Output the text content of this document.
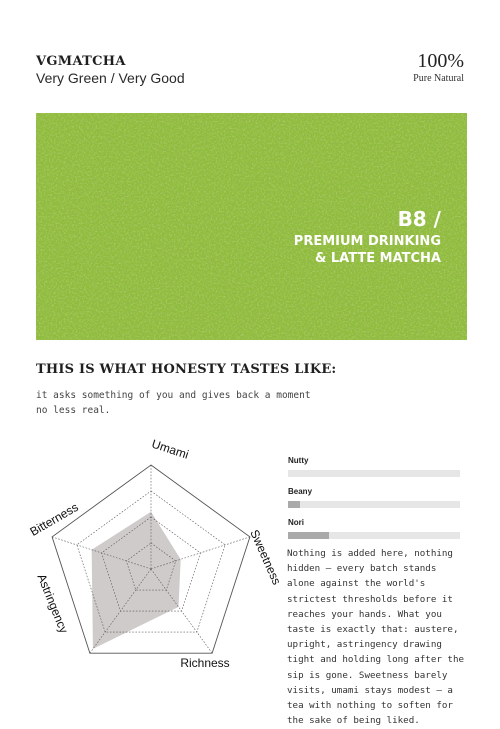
VGMATCHA
Very Green / Very Good
100%
Pure Natural
B8 /
PREMIUM DRINKING
& LATTE MATCHA
THIS IS WHAT HONESTY TASTES LIKE:
it asks something of you and gives back a moment no less real.
Umami
Sweetness
Richness
Astringency
Bitterness
Nutty
Beany
Nori
Nothing is added here, nothing hidden — every batch stands alone against the world's strictest thresholds before it reaches your hands. What you taste is exactly that: austere, upright, astringency drawing tight and holding long after the sip is gone. Sweetness barely visits, umami stays modest — a tea with nothing to soften for the sake of being liked.
